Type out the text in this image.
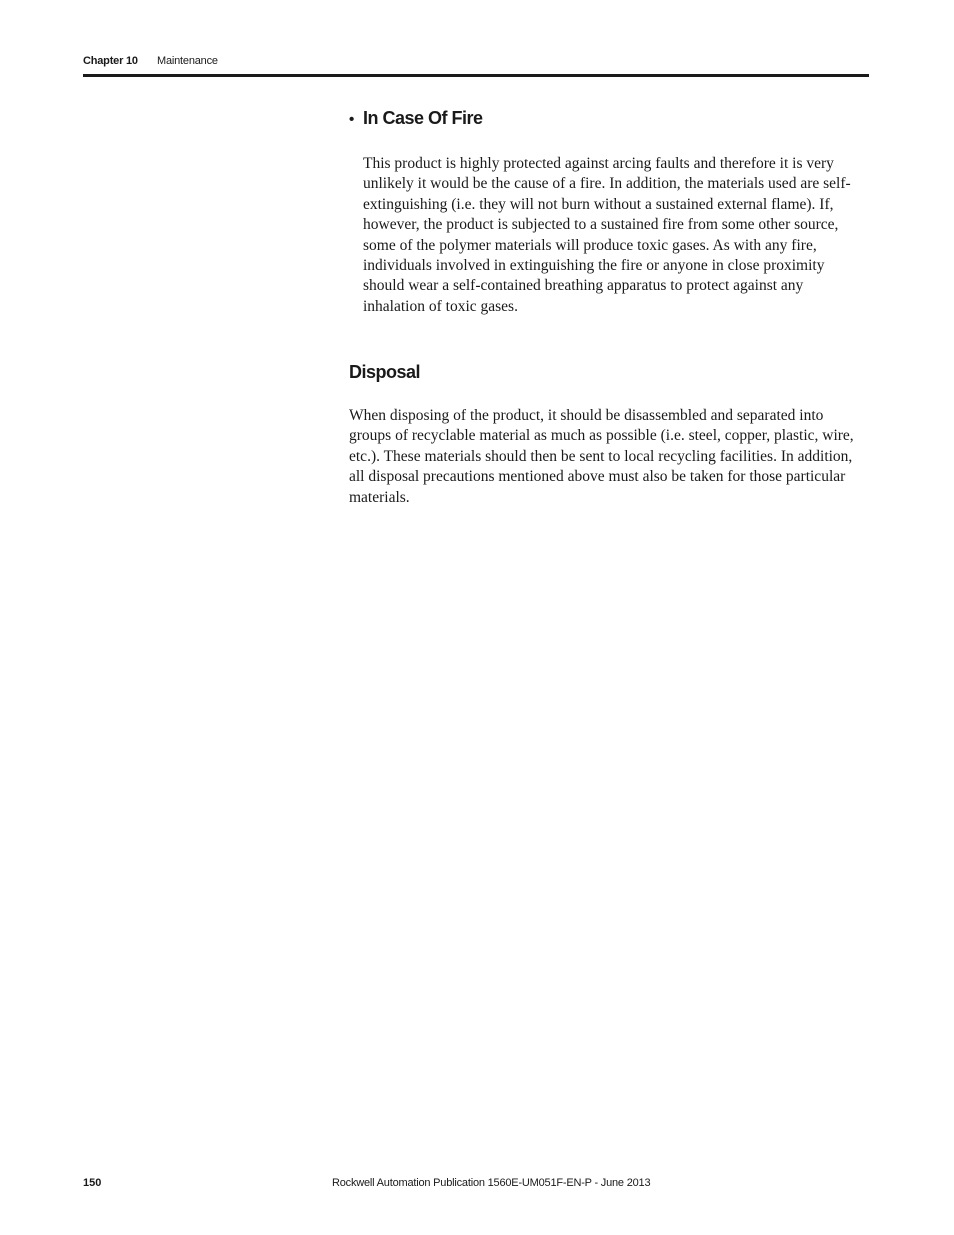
Chapter 10 Maintenance
• In Case Of Fire

This product is highly protected against arcing faults and therefore it is very unlikely it would be the cause of a fire. In addition, the materials used are self-extinguishing (i.e. they will not burn without a sustained external flame). If, however, the product is subjected to a sustained fire from some other source, some of the polymer materials will produce toxic gases. As with any fire, individuals involved in extinguishing the fire or anyone in close proximity should wear a self-contained breathing apparatus to protect against any inhalation of toxic gases.

Disposal

When disposing of the product, it should be disassembled and separated into groups of recyclable material as much as possible (i.e. steel, copper, plastic, wire, etc.). These materials should then be sent to local recycling facilities. In addition, all disposal precautions mentioned above must also be taken for those particular materials.

150	Rockwell Automation Publication 1560E-UM051F-EN-P - June 2013
